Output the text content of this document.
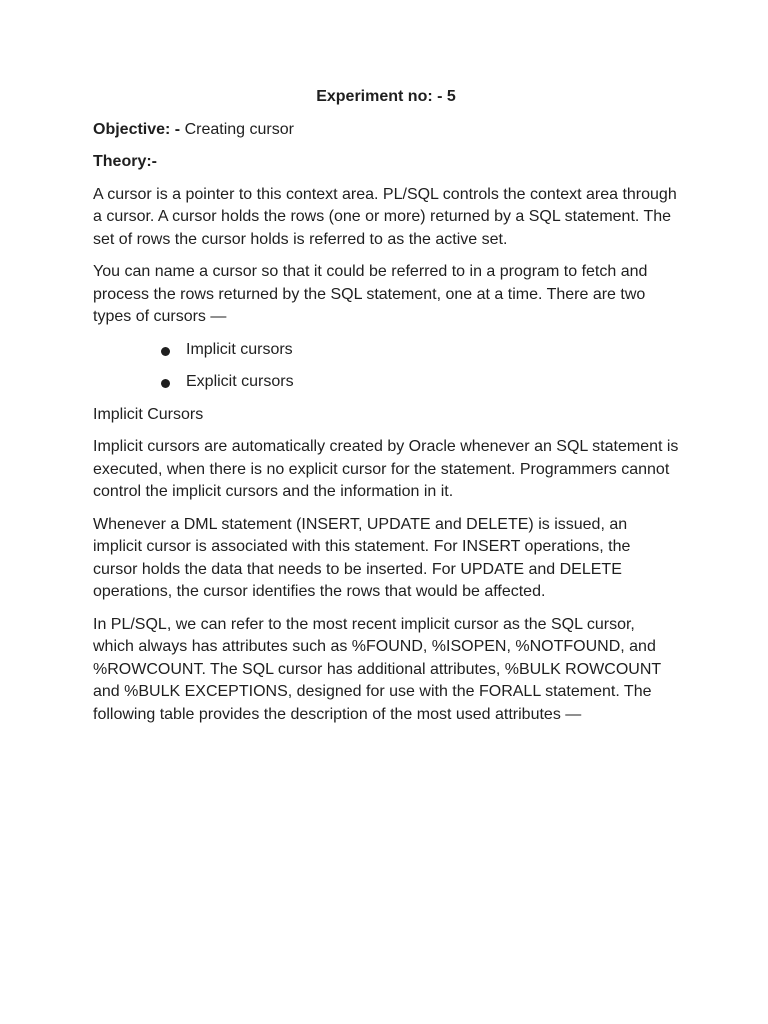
Experiment no: - 5
Objective: - Creating cursor
Theory:-

A cursor is a pointer to this context area. PL/SQL controls the context area through a cursor. A cursor holds the rows (one or more) returned by a SQL statement. The set of rows the cursor holds is referred to as the active set.

You can name a cursor so that it could be referred to in a program to fetch and process the rows returned by the SQL statement, one at a time. There are two types of cursors —

Implicit cursors
Explicit cursors
Implicit Cursors

Implicit cursors are automatically created by Oracle whenever an SQL statement is executed, when there is no explicit cursor for the statement. Programmers cannot control the implicit cursors and the information in it.

Whenever a DML statement (INSERT, UPDATE and DELETE) is issued, an implicit cursor is associated with this statement. For INSERT operations, the cursor holds the data that needs to be inserted. For UPDATE and DELETE operations, the cursor identifies the rows that would be affected.

In PL/SQL, we can refer to the most recent implicit cursor as the SQL cursor, which always has attributes such as %FOUND, %ISOPEN, %NOTFOUND, and %ROWCOUNT. The SQL cursor has additional attributes, %BULK ROWCOUNT and %BULK EXCEPTIONS, designed for use with the FORALL statement. The following table provides the description of the most used attributes —
